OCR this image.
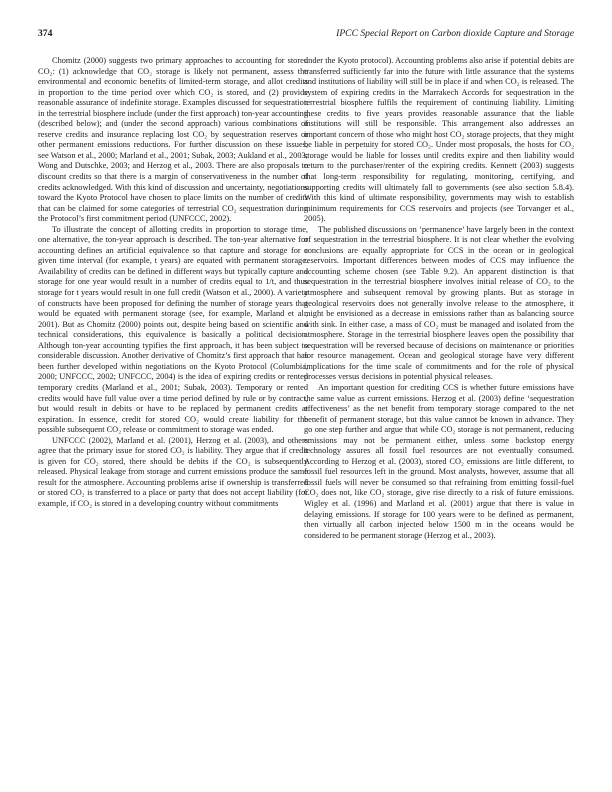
374	IPCC Special Report on Carbon dioxide Capture and Storage

Chomitz (2000) suggests two primary approaches to accounting for stored CO₂: (1) acknowledge that CO₂ storage is likely not permanent, assess the environmental and economic benefits of limited-term storage, and allot credits in proportion to the time period over which CO₂ is stored, and (2) provide reasonable assurance of indefinite storage. Examples discussed for sequestration in the terrestrial biosphere include (under the first approach) ton-year accounting (described below); and (under the second approach) various combinations of reserve credits and insurance replacing lost CO₂ by sequestration reserves or other permanent emissions reductions. For further discussion on these issues, see Watson et al., 2000; Marland et al., 2001; Subak, 2003; Aukland et al., 2003; Wong and Dutschke, 2003; and Herzog et al., 2003. There are also proposals to discount credits so that there is a margin of conservativeness in the number of credits acknowledged. With this kind of discussion and uncertainty, negotiations toward the Kyoto Protocol have chosen to place limits on the number of credits that can be claimed for some categories of terrestrial CO₂ sequestration during the Protocol’s first commitment period (UNFCCC, 2002).

To illustrate the concept of allotting credits in proportion to storage time, one alternative, the ton-year approach is described. The ton-year alternative for accounting defines an artificial equivalence so that capture and storage for a given time interval (for example, t years) are equated with permanent storage. Availability of credits can be defined in different ways but typically capture and storage for one year would result in a number of credits equal to 1/t, and thus storage for t years would result in one full credit (Watson et al., 2000). A variety of constructs have been proposed for defining the number of storage years that would be equated with permanent storage (see, for example, Marland et al., 2001). But as Chomitz (2000) points out, despite being based on scientific and technical considerations, this equivalence is basically a political decision. Although ton-year accounting typifies the first approach, it has been subject to considerable discussion. Another derivative of Chomitz’s first approach that has been further developed within negotiations on the Kyoto Protocol (Columbia, 2000; UNFCCC, 2002; UNFCCC, 2004) is the idea of expiring credits or rented temporary credits (Marland et al., 2001; Subak, 2003). Temporary or rented credits would have full value over a time period defined by rule or by contract, but would result in debits or have to be replaced by permanent credits at expiration. In essence, credit for stored CO₂ would create liability for the possible subsequent CO₂ release or commitment to storage was ended.

UNFCCC (2002), Marland et al. (2001), Herzog et al. (2003), and others agree that the primary issue for stored CO₂ is liability. They argue that if credit is given for CO₂ stored, there should be debits if the CO₂ is subsequently released. Physical leakage from storage and current emissions produce the same result for the atmosphere. Accounting problems arise if ownership is transferred or stored CO₂ is transferred to a place or party that does not accept liability (for example, if CO₂ is stored in a developing country without commitments

under the Kyoto protocol). Accounting problems also arise if potential debits are transferred sufficiently far into the future with little assurance that the systems and institutions of liability will still be in place if and when CO₂ is released. The system of expiring credits in the Marrakech Accords for sequestration in the terrestrial biosphere fulfils the requirement of continuing liability. Limiting these credits to five years provides reasonable assurance that the liable institutions will still be responsible. This arrangement also addresses an important concern of those who might host CO₂ storage projects, that they might be liable in perpetuity for stored CO₂. Under most proposals, the hosts for CO₂ storage would be liable for losses until credits expire and then liability would return to the purchaser/renter of the expiring credits. Kennett (2003) suggests that long-term responsibility for regulating, monitoring, certifying, and supporting credits will ultimately fall to governments (see also section 5.8.4). With this kind of ultimate responsibility, governments may wish to establish minimum requirements for CCS reservoirs and projects (see Torvanger et al., 2005).

The published discussions on ‘permanence’ have largely been in the context of sequestration in the terrestrial biosphere. It is not clear whether the evolving conclusions are equally appropriate for CCS in the ocean or in geological reservoirs. Important differences between modes of CCS may influence the accounting scheme chosen (see Table 9.2). An apparent distinction is that sequestration in the terrestrial biosphere involves initial release of CO₂ to the atmosphere and subsequent removal by growing plants. But as storage in geological reservoirs does not generally involve release to the atmosphere, it might be envisioned as a decrease in emissions rather than as balancing source with sink. In either case, a mass of CO₂ must be managed and isolated from the atmosphere. Storage in the terrestrial biosphere leaves open the possibility that sequestration will be reversed because of decisions on maintenance or priorities for resource management. Ocean and geological storage have very different implications for the time scale of commitments and for the role of physical processes versus decisions in potential physical releases.

An important question for crediting CCS is whether future emissions have the same value as current emissions. Herzog et al. (2003) define ‘sequestration effectiveness’ as the net benefit from temporary storage compared to the net benefit of permanent storage, but this value cannot be known in advance. They go one step further and argue that while CO₂ storage is not permanent, reducing emissions may not be permanent either, unless some backstop energy technology assures all fossil fuel resources are not eventually consumed. According to Herzog et al. (2003), stored CO₂ emissions are little different, to fossil fuel resources left in the ground. Most analysts, however, assume that all fossil fuels will never be consumed so that refraining from emitting fossil-fuel CO₂ does not, like CO₂ storage, give rise directly to a risk of future emissions. Wigley et al. (1996) and Marland et al. (2001) argue that there is value in delaying emissions. If storage for 100 years were to be defined as permanent, then virtually all carbon injected below 1500 m in the oceans would be considered to be permanent storage (Herzog et al., 2003).
